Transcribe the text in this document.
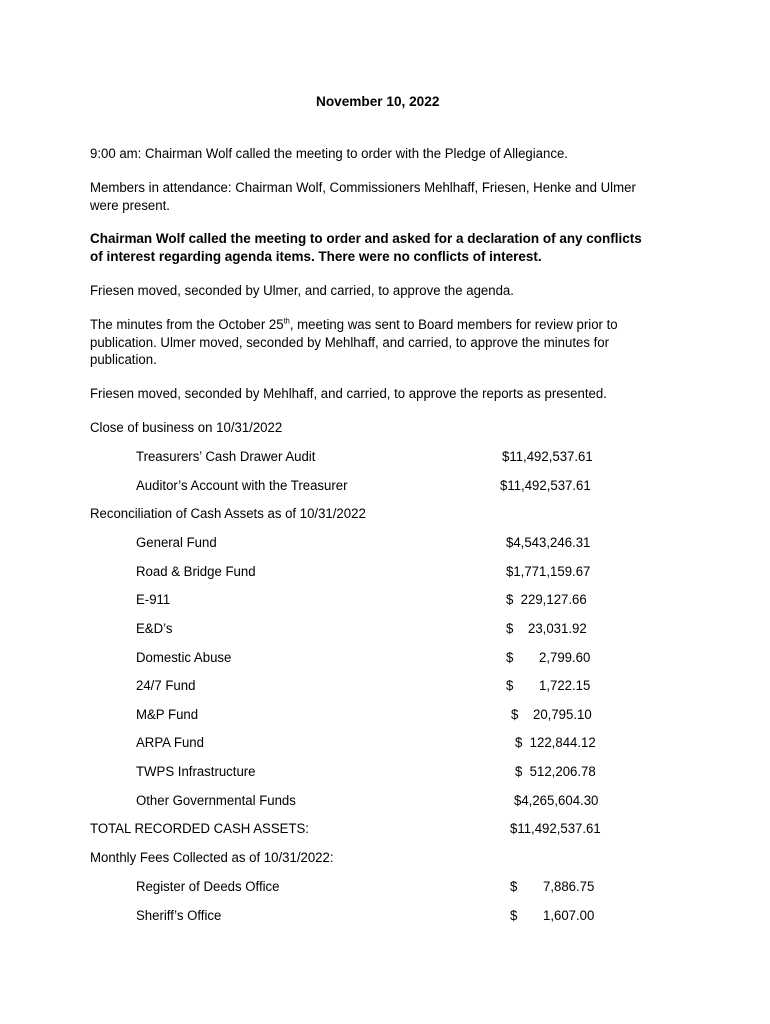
November 10, 2022
9:00 am: Chairman Wolf called the meeting to order with the Pledge of Allegiance.
Members in attendance: Chairman Wolf, Commissioners Mehlhaff, Friesen, Henke and Ulmer were present.
Chairman Wolf called the meeting to order and asked for a declaration of any conflicts of interest regarding agenda items. There were no conflicts of interest.
Friesen moved, seconded by Ulmer, and carried, to approve the agenda.
The minutes from the October 25th, meeting was sent to Board members for review prior to publication. Ulmer moved, seconded by Mehlhaff, and carried, to approve the minutes for publication.
Friesen moved, seconded by Mehlhaff, and carried, to approve the reports as presented.
Close of business on 10/31/2022
Treasurers’ Cash Drawer Audit	$11,492,537.61
Auditor’s Account with the Treasurer	$11,492,537.61
Reconciliation of Cash Assets as of 10/31/2022
General Fund	$4,543,246.31
Road & Bridge Fund	$1,771,159.67
E-911	$  229,127.66
E&D’s	$    23,031.92
Domestic Abuse	$       2,799.60
24/7 Fund	$       1,722.15
M&P Fund	$    20,795.10
ARPA Fund	$  122,844.12
TWPS Infrastructure	$  512,206.78
Other Governmental Funds	$4,265,604.30
TOTAL RECORDED CASH ASSETS:	$11,492,537.61
Monthly Fees Collected as of 10/31/2022:
Register of Deeds Office	$       7,886.75
Sheriff’s Office	$       1,607.00
